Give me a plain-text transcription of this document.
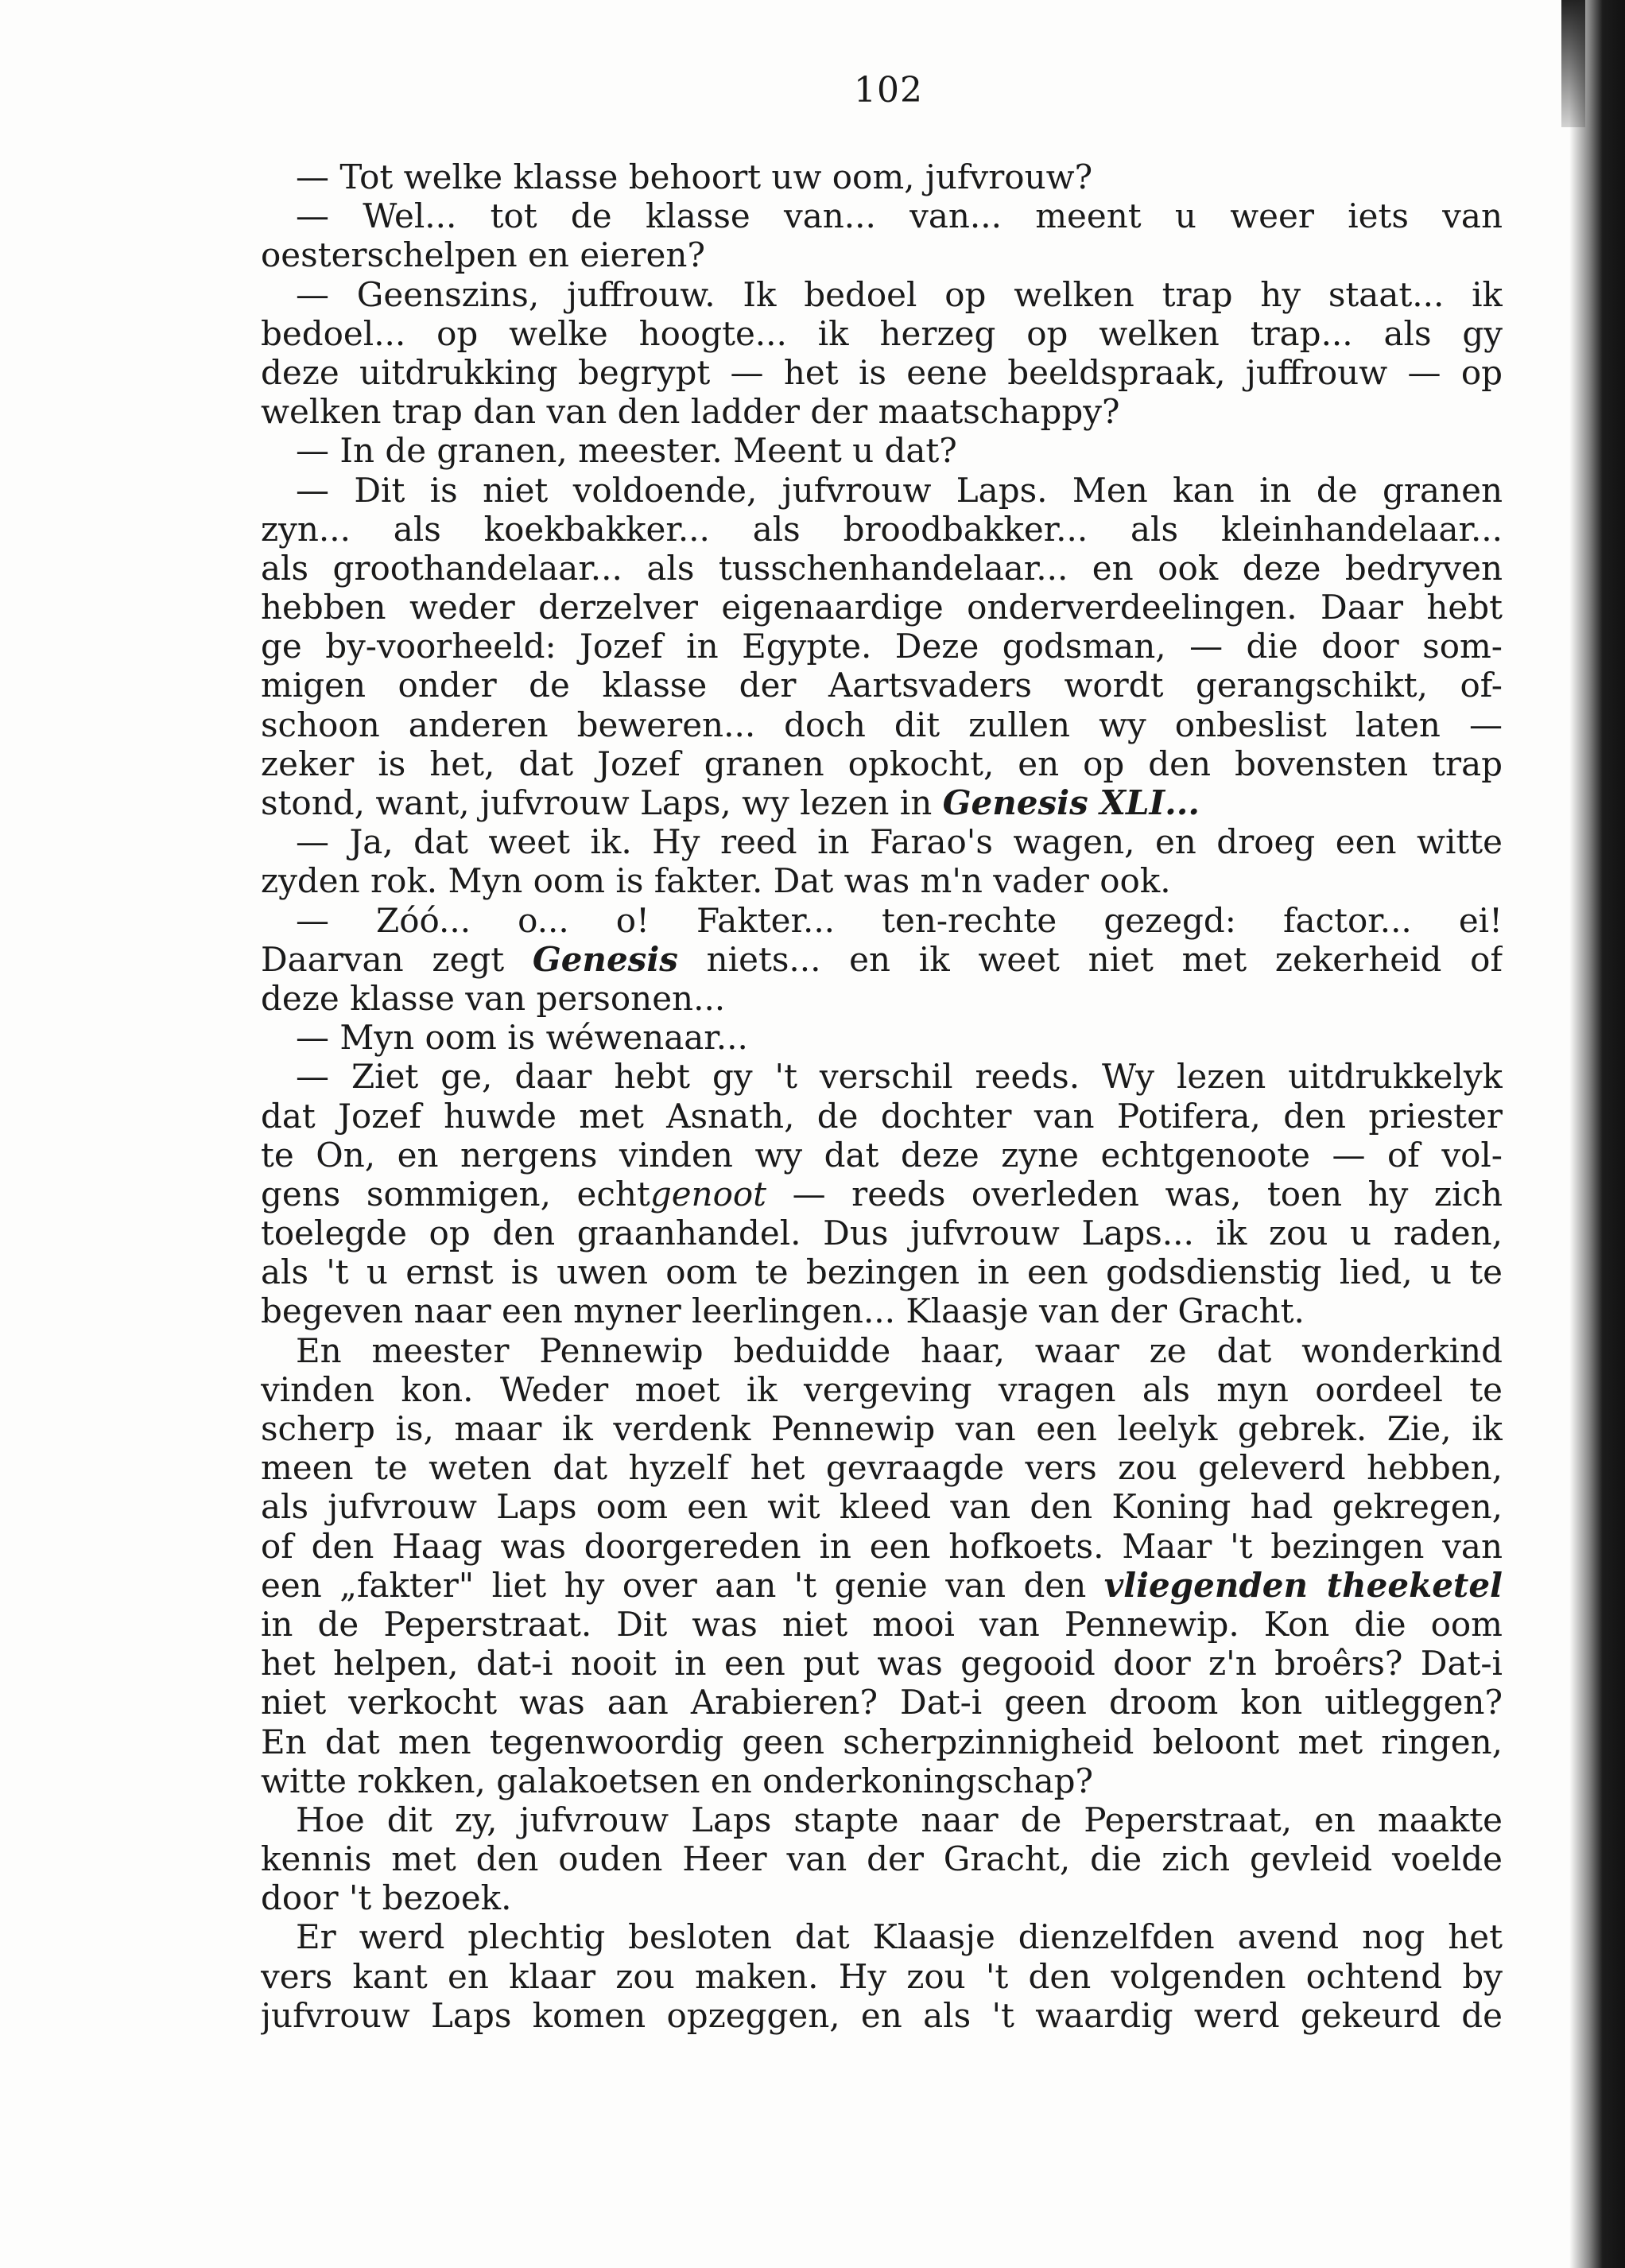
102
— Tot welke klasse behoort uw oom, jufvrouw?
— Wel... tot de klasse van... van... meent u weer iets van
oesterschelpen en eieren?
— Geenszins, juffrouw. Ik bedoel op welken trap hy staat... ik
bedoel... op welke hoogte... ik herzeg op welken trap... als gy
deze uitdrukking begrypt — het is eene beeldspraak, juffrouw — op
welken trap dan van den ladder der maatschappy?
— In de granen, meester. Meent u dat?
— Dit is niet voldoende, jufvrouw Laps. Men kan in de granen
zyn... als koekbakker... als broodbakker... als kleinhandelaar...
als groothandelaar... als tusschenhandelaar... en ook deze bedryven
hebben weder derzelver eigenaardige onderverdeelingen. Daar hebt
ge by-voorheeld: Jozef in Egypte. Deze godsman, — die door som-
migen onder de klasse der Aartsvaders wordt gerangschikt, of-
schoon anderen beweren... doch dit zullen wy onbeslist laten —
zeker is het, dat Jozef granen opkocht, en op den bovensten trap
stond, want, jufvrouw Laps, wy lezen in Genesis XLI...
— Ja, dat weet ik. Hy reed in Farao's wagen, en droeg een witte
zyden rok. Myn oom is fakter. Dat was m'n vader ook.
— Zóó... o... o! Fakter... ten-rechte gezegd: factor... ei!
Daarvan zegt Genesis niets... en ik weet niet met zekerheid of
deze klasse van personen...
— Myn oom is wéwenaar...
— Ziet ge, daar hebt gy 't verschil reeds. Wy lezen uitdrukkelyk
dat Jozef huwde met Asnath, de dochter van Potifera, den priester
te On, en nergens vinden wy dat deze zyne echtgenoote — of vol-
gens sommigen, echtgenoot — reeds overleden was, toen hy zich
toelegde op den graanhandel. Dus jufvrouw Laps... ik zou u raden,
als 't u ernst is uwen oom te bezingen in een godsdienstig lied, u te
begeven naar een myner leerlingen... Klaasje van der Gracht.
En meester Pennewip beduidde haar, waar ze dat wonderkind
vinden kon. Weder moet ik vergeving vragen als myn oordeel te
scherp is, maar ik verdenk Pennewip van een leelyk gebrek. Zie, ik
meen te weten dat hyzelf het gevraagde vers zou geleverd hebben,
als jufvrouw Laps oom een wit kleed van den Koning had gekregen,
of den Haag was doorgereden in een hofkoets. Maar 't bezingen van
een „fakter" liet hy over aan 't genie van den vliegenden theeketel
in de Peperstraat. Dit was niet mooi van Pennewip. Kon die oom
het helpen, dat-i nooit in een put was gegooid door z'n broêrs? Dat-i
niet verkocht was aan Arabieren? Dat-i geen droom kon uitleggen?
En dat men tegenwoordig geen scherpzinnigheid beloont met ringen,
witte rokken, galakoetsen en onderkoningschap?
Hoe dit zy, jufvrouw Laps stapte naar de Peperstraat, en maakte
kennis met den ouden Heer van der Gracht, die zich gevleid voelde
door 't bezoek.
Er werd plechtig besloten dat Klaasje dienzelfden avend nog het
vers kant en klaar zou maken. Hy zou 't den volgenden ochtend by
jufvrouw Laps komen opzeggen, en als 't waardig werd gekeurd de
